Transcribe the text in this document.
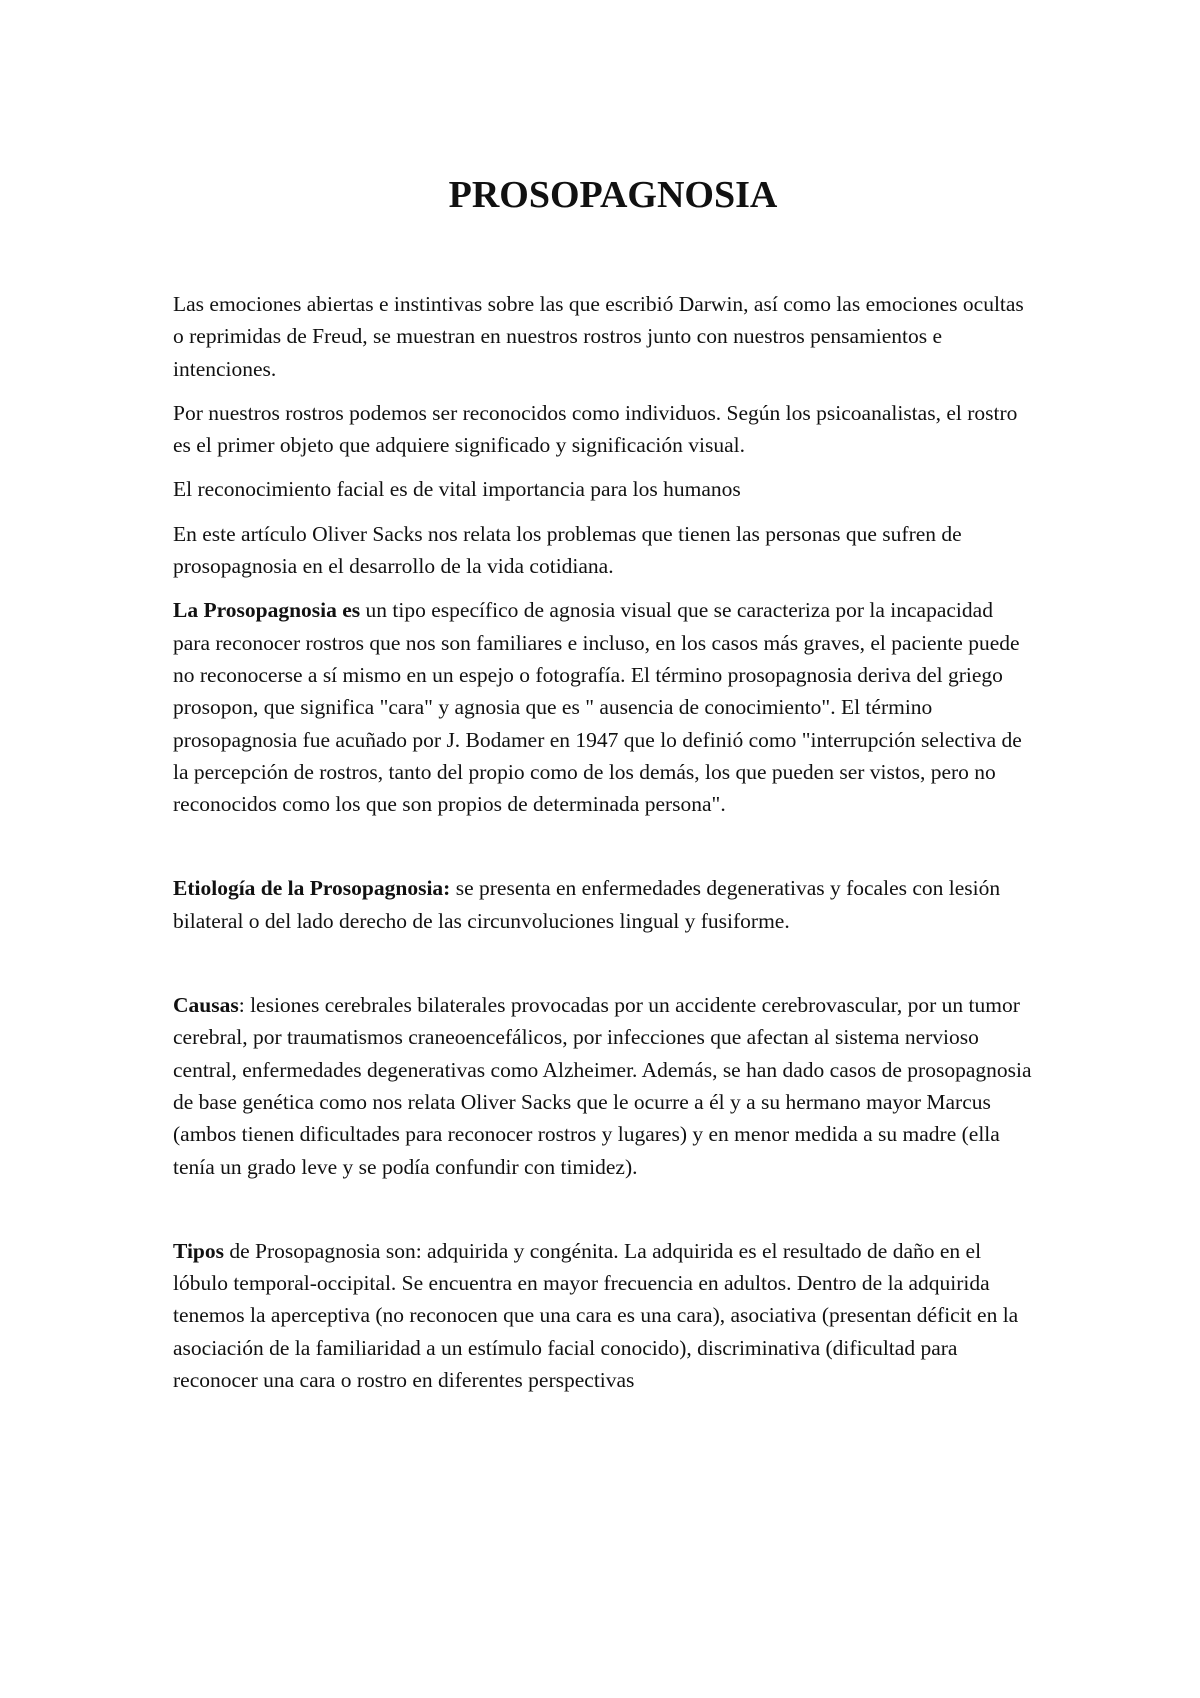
PROSOPAGNOSIA

Las emociones abiertas e instintivas sobre las que escribió Darwin, así como las emociones ocultas o reprimidas de Freud, se muestran en nuestros rostros junto con nuestros pensamientos e intenciones.

Por nuestros rostros podemos ser reconocidos como individuos. Según los psicoanalistas, el rostro es el primer objeto que adquiere significado y significación visual.

El reconocimiento facial es de vital importancia para los humanos

En este artículo Oliver Sacks nos relata los problemas que tienen las personas que sufren de prosopagnosia en el desarrollo de la vida cotidiana.

La Prosopagnosia es un tipo específico de agnosia visual que se caracteriza por la incapacidad para reconocer rostros que nos son familiares e incluso, en los casos más graves, el paciente puede no reconocerse a sí mismo en un espejo o fotografía. El término prosopagnosia deriva del griego prosopon, que significa "cara" y agnosia que es " ausencia de conocimiento". El término prosopagnosia fue acuñado por J. Bodamer en 1947 que lo definió como "interrupción selectiva de la percepción de rostros, tanto del propio como de los demás, los que pueden ser vistos, pero no reconocidos como los que son propios de determinada persona".

Etiología de la Prosopagnosia: se presenta en enfermedades degenerativas y focales con lesión bilateral o del lado derecho de las circunvoluciones lingual y fusiforme.

Causas: lesiones cerebrales bilaterales provocadas por un accidente cerebrovascular, por un tumor cerebral, por traumatismos craneoencefálicos, por infecciones que afectan al sistema nervioso central, enfermedades degenerativas como Alzheimer. Además, se han dado casos de prosopagnosia de base genética como nos relata Oliver Sacks que le ocurre a él y a su hermano mayor Marcus (ambos tienen dificultades para reconocer rostros y lugares) y en menor medida a su madre (ella tenía un grado leve y se podía confundir con timidez).

Tipos de Prosopagnosia son: adquirida y congénita. La adquirida es el resultado de daño en el lóbulo temporal-occipital. Se encuentra en mayor frecuencia en adultos. Dentro de la adquirida tenemos la aperceptiva (no reconocen que una cara es una cara), asociativa (presentan déficit en la asociación de la familiaridad a un estímulo facial conocido), discriminativa (dificultad para reconocer una cara o rostro en diferentes perspectivas
